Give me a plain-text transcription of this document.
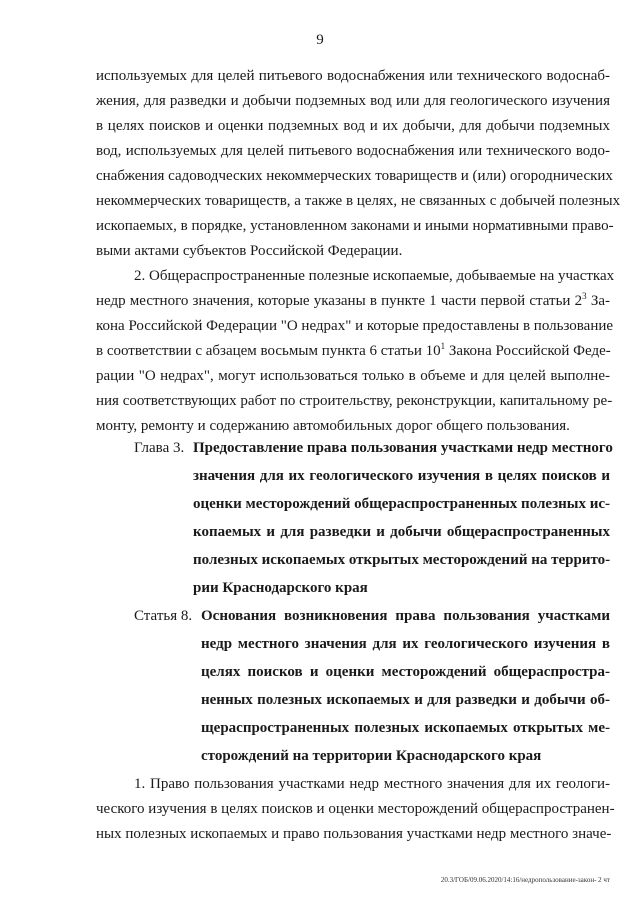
9
используемых для целей питьевого водоснабжения или технического водоснаб-
жения, для разведки и добычи подземных вод или для геологического изучения
в целях поисков и оценки подземных вод и их добычи, для добычи подземных
вод, используемых для целей питьевого водоснабжения или технического водо-
снабжения садоводческих некоммерческих товариществ и (или) огороднических
некоммерческих товариществ, а также в целях, не связанных с добычей полезных
ископаемых, в порядке, установленном законами и иными нормативными право-
выми актами субъектов Российской Федерации.
2. Общераспространенные полезные ископаемые, добываемые на участках
недр местного значения, которые указаны в пункте 1 части первой статьи $2^3$ За-
кона Российской Федерации "О недрах" и которые предоставлены в пользование
в соответствии с абзацем восьмым пункта 6 статьи $10^1$ Закона Российской Феде-
рации "О недрах", могут использоваться только в объеме и для целей выполне-
ния соответствующих работ по строительству, реконструкции, капитальному ре-
монту, ремонту и содержанию автомобильных дорог общего пользования.
Глава 3. Предоставление права пользования участками недр местного
значения для их геологического изучения в целях поисков и
оценки месторождений общераспространенных полезных ис-
копаемых и для разведки и добычи общераспространенных
полезных ископаемых открытых месторождений на террито-
рии Краснодарского края
Статья 8. Основания возникновения права пользования участками
недр местного значения для их геологического изучения в
целях поисков и оценки месторождений общераспростра-
ненных полезных ископаемых и для разведки и добычи об-
щераспространенных полезных ископаемых открытых ме-
сторождений на территории Краснодарского края
1. Право пользования участками недр местного значения для их геологи-
ческого изучения в целях поисков и оценки месторождений общераспространен-
ных полезных ископаемых и право пользования участками недр местного значе-
20.3/ГОБ/09.06.2020/14:16/недропользование-закон- 2 чт
